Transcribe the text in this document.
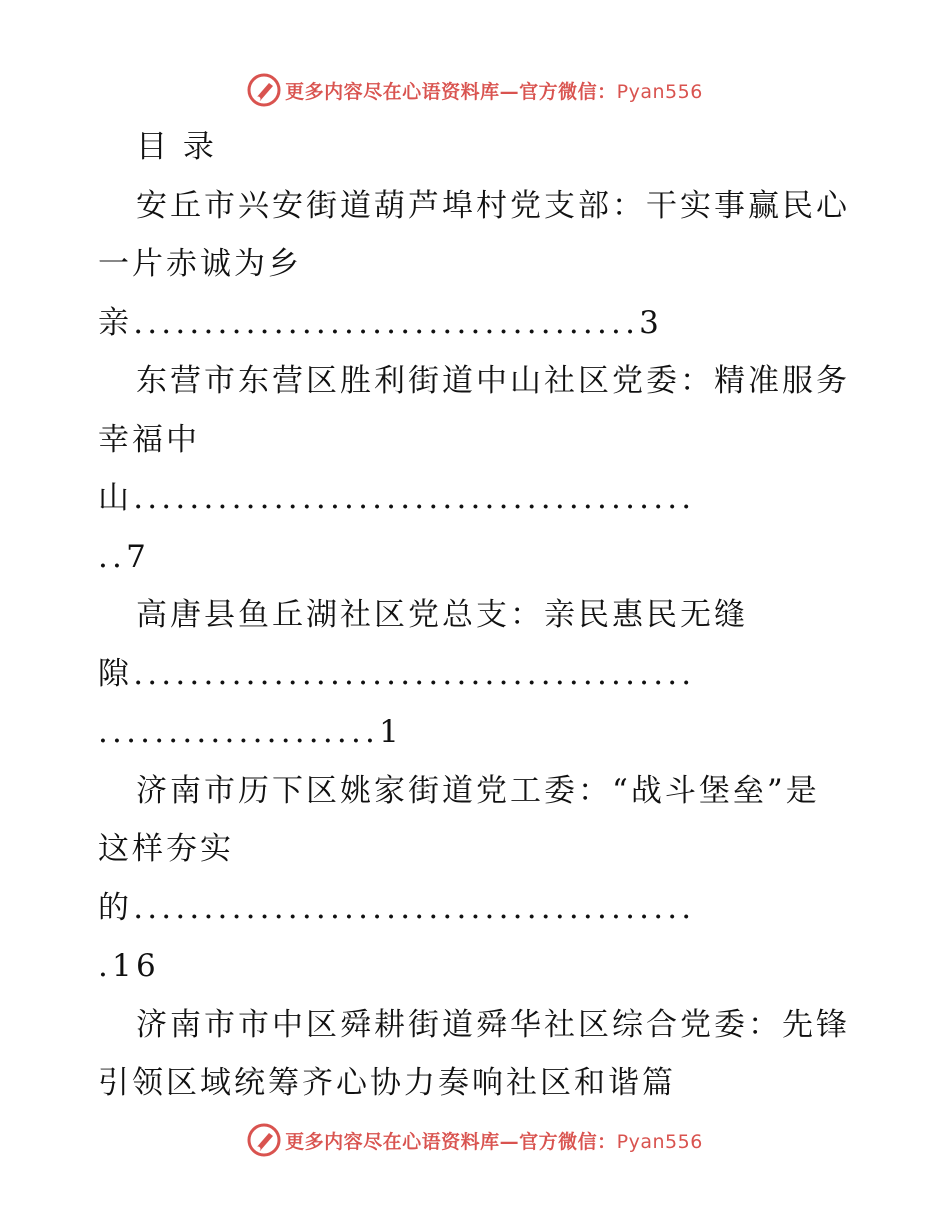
更多内容尽在心语资料库—官方微信：Pyan556
目 录
安丘市兴安街道葫芦埠村党支部：干实事赢民心
一片赤诚为乡
亲....................................3
东营市东营区胜利街道中山社区党委：精准服务
幸福中
山........................................
..7
高唐县鱼丘湖社区党总支：亲民惠民无缝
隙........................................
....................1
济南市历下区姚家街道党工委：“战斗堡垒”是
这样夯实
的........................................
.16
济南市市中区舜耕街道舜华社区综合党委：先锋
引领区域统筹齐心协力奏响社区和谐篇
更多内容尽在心语资料库—官方微信：Pyan556
